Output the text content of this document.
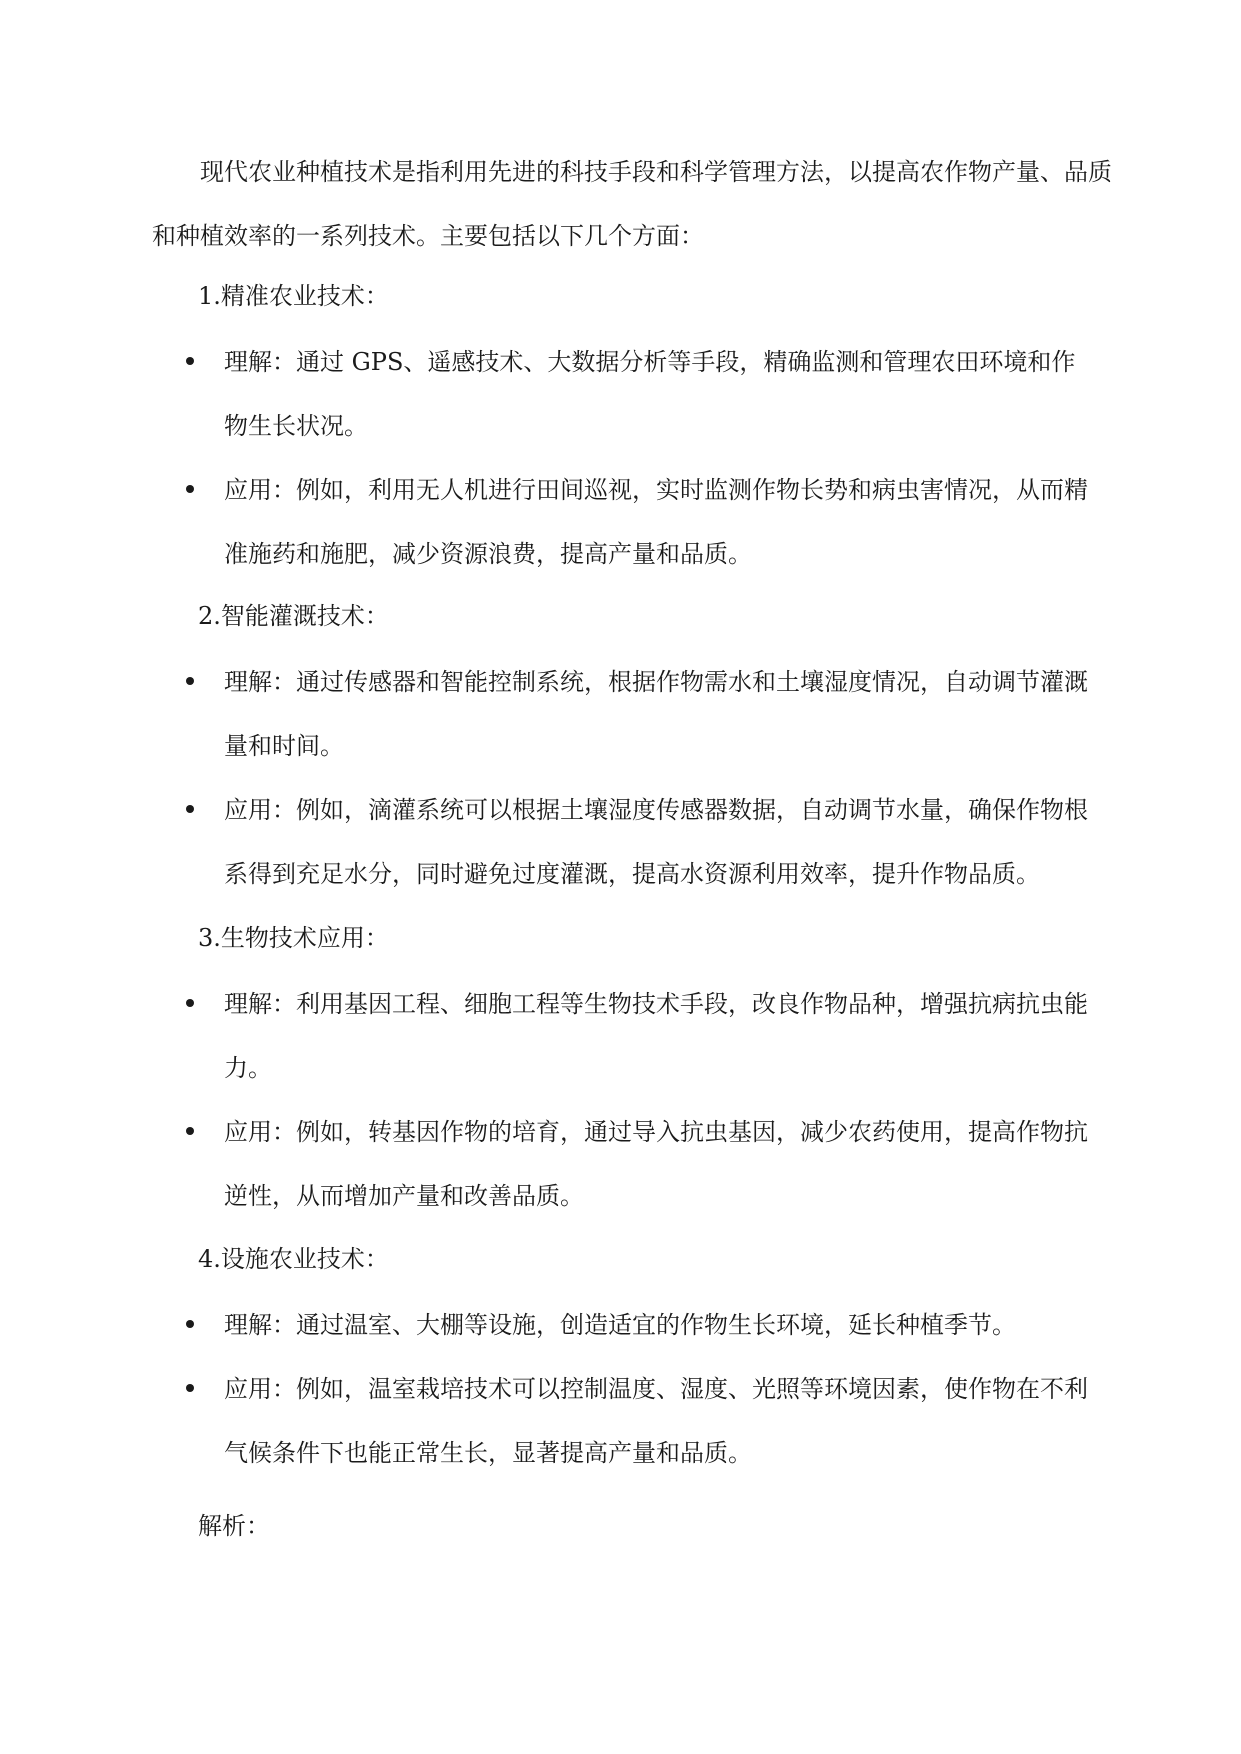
现代农业种植技术是指利用先进的科技手段和科学管理方法，以提高农作物产量、品质和种植效率的一系列技术。主要包括以下几个方面：

1.精准农业技术：

理解：通过 GPS、遥感技术、大数据分析等手段，精确监测和管理农田环境和作物生长状况。
应用：例如，利用无人机进行田间巡视，实时监测作物长势和病虫害情况，从而精准施药和施肥，减少资源浪费，提高产量和品质。

2.智能灌溉技术：

理解：通过传感器和智能控制系统，根据作物需水和土壤湿度情况，自动调节灌溉量和时间。
应用：例如，滴灌系统可以根据土壤湿度传感器数据，自动调节水量，确保作物根系得到充足水分，同时避免过度灌溉，提高水资源利用效率，提升作物品质。

3.生物技术应用：

理解：利用基因工程、细胞工程等生物技术手段，改良作物品种，增强抗病抗虫能力。
应用：例如，转基因作物的培育，通过导入抗虫基因，减少农药使用，提高作物抗逆性，从而增加产量和改善品质。

4.设施农业技术：

理解：通过温室、大棚等设施，创造适宜的作物生长环境，延长种植季节。
应用：例如，温室栽培技术可以控制温度、湿度、光照等环境因素，使作物在不利气候条件下也能正常生长，显著提高产量和品质。

解析：
